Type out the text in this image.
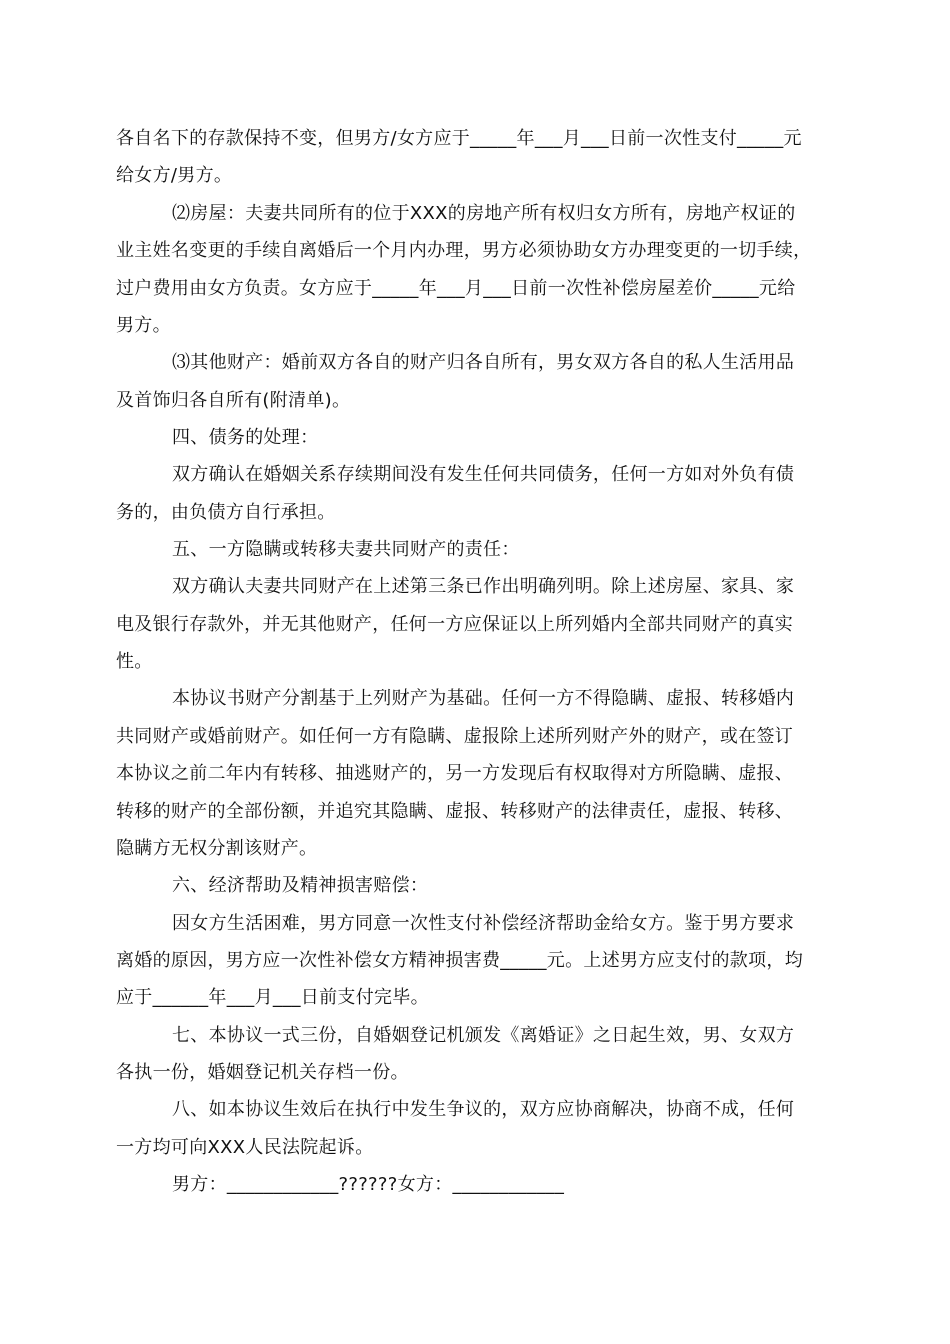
各自名下的存款保持不变，但男方/女方应于_____年___月___日前一次性支付_____元

给女方/男方。

⑵房屋：夫妻共同所有的位于XXX的房地产所有权归女方所有，房地产权证的

业主姓名变更的手续自离婚后一个月内办理，男方必须协助女方办理变更的一切手续，

过户费用由女方负责。女方应于_____年___月___日前一次性补偿房屋差价_____元给

男方。

⑶其他财产：婚前双方各自的财产归各自所有，男女双方各自的私人生活用品

及首饰归各自所有(附清单)。

四、债务的处理：

双方确认在婚姻关系存续期间没有发生任何共同债务，任何一方如对外负有债

务的，由负债方自行承担。

五、一方隐瞒或转移夫妻共同财产的责任：

双方确认夫妻共同财产在上述第三条已作出明确列明。除上述房屋、家具、家

电及银行存款外，并无其他财产，任何一方应保证以上所列婚内全部共同财产的真实

性。

本协议书财产分割基于上列财产为基础。任何一方不得隐瞒、虚报、转移婚内

共同财产或婚前财产。如任何一方有隐瞒、虚报除上述所列财产外的财产，或在签订

本协议之前二年内有转移、抽逃财产的，另一方发现后有权取得对方所隐瞒、虚报、

转移的财产的全部份额，并追究其隐瞒、虚报、转移财产的法律责任，虚报、转移、

隐瞒方无权分割该财产。

六、经济帮助及精神损害赔偿：

因女方生活困难，男方同意一次性支付补偿经济帮助金给女方。鉴于男方要求

离婚的原因，男方应一次性补偿女方精神损害费_____元。上述男方应支付的款项，均

应于______年___月___日前支付完毕。

七、本协议一式三份，自婚姻登记机颁发《离婚证》之日起生效，男、女双方

各执一份，婚姻登记机关存档一份。

八、如本协议生效后在执行中发生争议的，双方应协商解决，协商不成，任何

一方均可向XXX人民法院起诉。

男方：____________??????女方：____________
